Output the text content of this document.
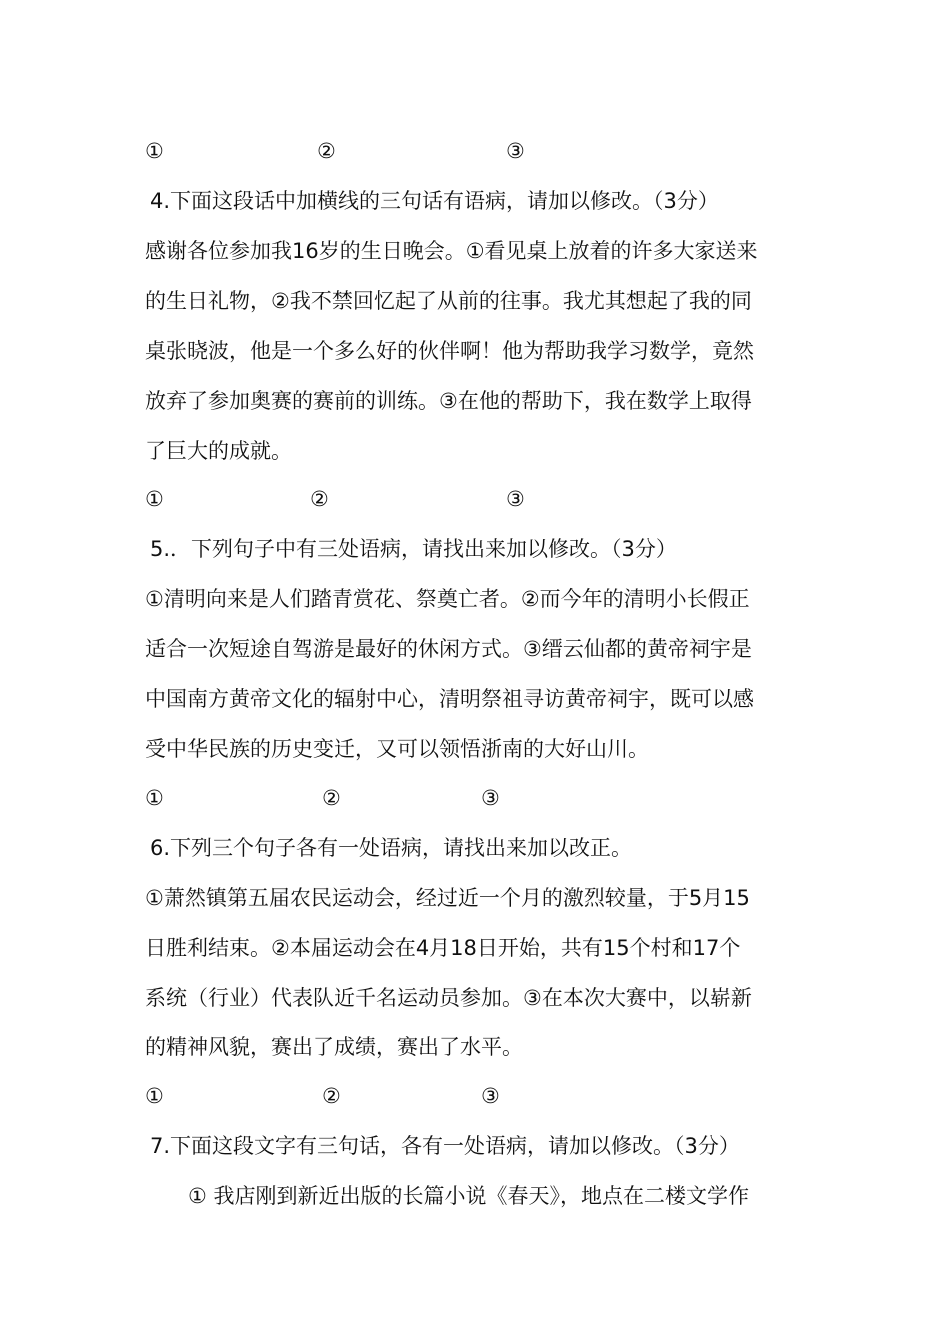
①	②	③
4.下面这段话中加横线的三句话有语病，请加以修改。（3分）
感谢各位参加我16岁的生日晚会。①看见桌上放着的许多大家送来
的生日礼物，②我不禁回忆起了从前的往事。我尤其想起了我的同
桌张晓波，他是一个多么好的伙伴啊！他为帮助我学习数学，竟然
放弃了参加奥赛的赛前的训练。③在他的帮助下，我在数学上取得
了巨大的成就。
①	②	③
5.．下列句子中有三处语病，请找出来加以修改。（3分）
①清明向来是人们踏青赏花、祭奠亡者。②而今年的清明小长假正
适合一次短途自驾游是最好的休闲方式。③缙云仙都的黄帝祠宇是
中国南方黄帝文化的辐射中心，清明祭祖寻访黄帝祠宇，既可以感
受中华民族的历史变迁，又可以领悟浙南的大好山川。
①	②	③
6.下列三个句子各有一处语病，请找出来加以改正。
①萧然镇第五届农民运动会，经过近一个月的激烈较量，于5月15
日胜利结束。②本届运动会在4月18日开始，共有15个村和17个
系统（行业）代表队近千名运动员参加。③在本次大赛中，以崭新
的精神风貌，赛出了成绩，赛出了水平。
①	②	③
7.下面这段文字有三句话，各有一处语病，请加以修改。（3分）
① 我店刚到新近出版的长篇小说《春天》，地点在二楼文学作
